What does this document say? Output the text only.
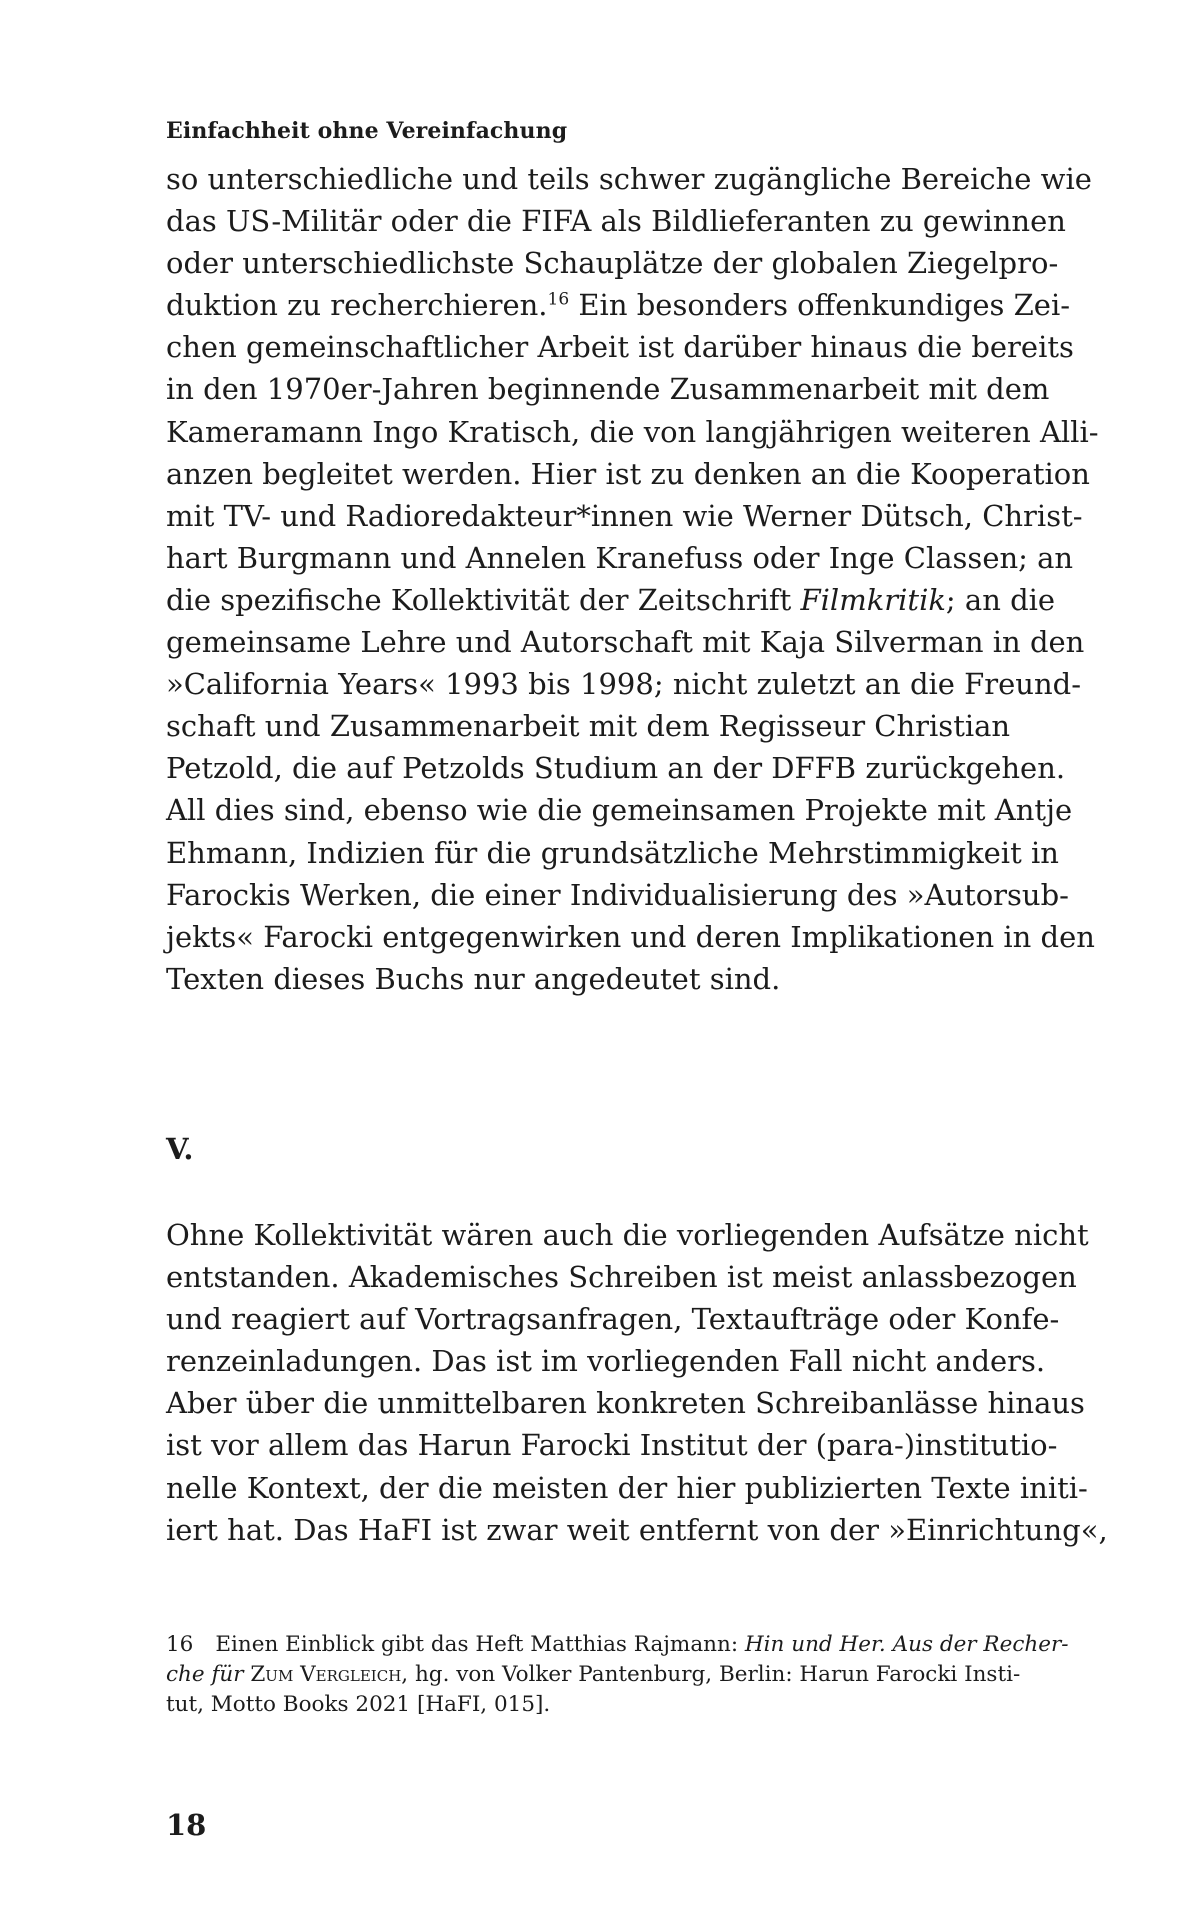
Einfachheit ohne Vereinfachung
so unterschiedliche und teils schwer zugängliche Bereiche wie
das US-Militär oder die FIFA als Bildlieferanten zu gewinnen
oder unterschiedlichste Schauplätze der globalen Ziegelpro-
duktion zu recherchieren.$^{16}$ Ein besonders offenkundiges Zei-
chen gemeinschaftlicher Arbeit ist darüber hinaus die bereits
in den 1970er-Jahren beginnende Zusammenarbeit mit dem
Kameramann Ingo Kratisch, die von langjährigen weiteren Alli-
anzen begleitet werden. Hier ist zu denken an die Kooperation
mit TV- und Radioredakteur*innen wie Werner Dütsch, Christ-
hart Burgmann und Annelen Kranefuss oder Inge Classen; an
die spezifische Kollektivität der Zeitschrift Filmkritik; an die
gemeinsame Lehre und Autorschaft mit Kaja Silverman in den
»California Years« 1993 bis 1998; nicht zuletzt an die Freund-
schaft und Zusammenarbeit mit dem Regisseur Christian
Petzold, die auf Petzolds Studium an der DFFB zurückgehen.
All dies sind, ebenso wie die gemeinsamen Projekte mit Antje
Ehmann, Indizien für die grundsätzliche Mehrstimmigkeit in
Farockis Werken, die einer Individualisierung des »Autorsub-
jekts« Farocki entgegenwirken und deren Implikationen in den
Texten dieses Buchs nur angedeutet sind.
V.
Ohne Kollektivität wären auch die vorliegenden Aufsätze nicht
entstanden. Akademisches Schreiben ist meist anlassbezogen
und reagiert auf Vortragsanfragen, Textaufträge oder Konfe-
renzeinladungen. Das ist im vorliegenden Fall nicht anders.
Aber über die unmittelbaren konkreten Schreibanlässe hinaus
ist vor allem das Harun Farocki Institut der (para-)institutio-
nelle Kontext, der die meisten der hier publizierten Texte initi-
iert hat. Das HaFI ist zwar weit entfernt von der »Einrichtung«,
16 Einen Einblick gibt das Heft Matthias Rajmann: Hin und Her. Aus der Recher-
che für Zum Vergleich, hg. von Volker Pantenburg, Berlin: Harun Farocki Insti-
tut, Motto Books 2021 [HaFI, 015].
18
